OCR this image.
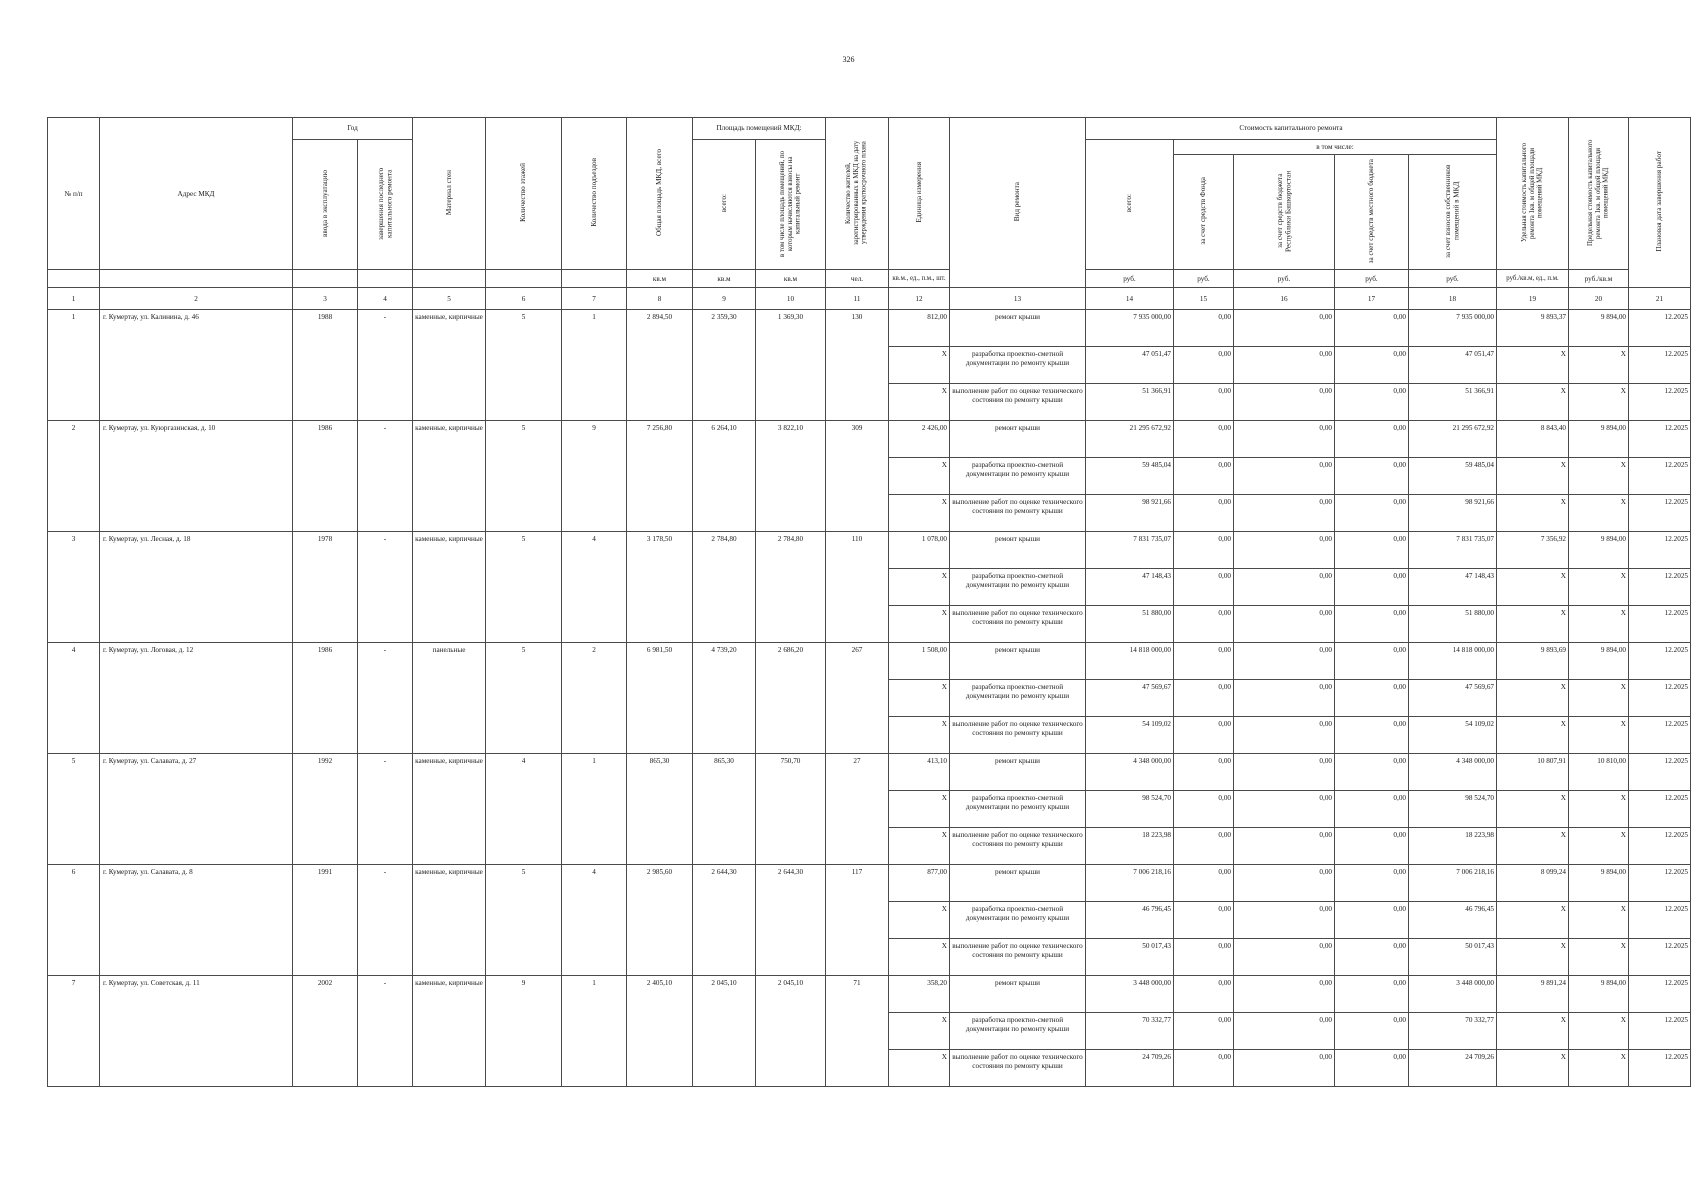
326
№ п/п	Адрес МКД	Год		Материал стен	Количество этажей	Количество подъездов	Общая площадь МКД, всего	Площадь помещений МКД:		Количество жителей, зарегистрированных в МКД на дату утверждения краткосрочного плана	Единица измерения	Вид ремонта	Стоимость капитального ремонта					Удельная стоимость капитального ремонта 1кв. м общей площади помещений МКД	Предельная стоимость капитального ремонта 1кв. м общей площади помещений МКД	Плановая дата завершения работ
		ввода в эксплуатацию	завершения последнего капитального ремонта					всего:	в том числе площадь помещений, по которым начисляются взносы на капитальный ремонт				всего:	в том числе:						
														за счет средств Фонда	за счет средств бюджета Республики Башкортостан	за счет средств местного бюджета	за счет взносов собственников помещений в МКД			
							кв.м	кв.м	кв.м	чел.	кв.м., ед., п.м., шт.		руб.	руб.	руб.	руб.	руб.	руб./кв.м, ед., п.м.	руб./кв.м	
1	2	3	4	5	6	7	8	9	10	11	12	13	14	15	16	17	18	19	20	21
1	г. Кумертау, ул. Калинина, д. 46	1988	-	каменные, кирпичные	5	1	2 894,50	2 359,30	1 369,30	130	812,00	ремонт крыши	7 935 000,00	0,00	0,00	0,00	7 935 000,00	9 893,37	9 894,00	12.2025
											X	разработка проектно-сметной документации по ремонту крыши	47 051,47	0,00	0,00	0,00	47 051,47	X	X	12.2025
											X	выполнение работ по оценке технического состояния по ремонту крыши	51 366,91	0,00	0,00	0,00	51 366,91	X	X	12.2025
2	г. Кумертау, ул. Куюргазинская, д. 10	1986	-	каменные, кирпичные	5	9	7 256,80	6 264,10	3 822,10	309	2 426,00	ремонт крыши	21 295 672,92	0,00	0,00	0,00	21 295 672,92	8 843,40	9 894,00	12.2025
											X	разработка проектно-сметной документации по ремонту крыши	59 485,04	0,00	0,00	0,00	59 485,04	X	X	12.2025
											X	выполнение работ по оценке технического состояния по ремонту крыши	98 921,66	0,00	0,00	0,00	98 921,66	X	X	12.2025
3	г. Кумертау, ул. Лесная, д. 18	1978	-	каменные, кирпичные	5	4	3 178,50	2 784,80	2 784,80	110	1 078,00	ремонт крыши	7 831 735,07	0,00	0,00	0,00	7 831 735,07	7 356,92	9 894,00	12.2025
											X	разработка проектно-сметной документации по ремонту крыши	47 148,43	0,00	0,00	0,00	47 148,43	X	X	12.2025
											X	выполнение работ по оценке технического состояния по ремонту крыши	51 880,00	0,00	0,00	0,00	51 880,00	X	X	12.2025
4	г. Кумертау, ул. Логовая, д. 12	1986	-	панельные	5	2	6 981,50	4 739,20	2 686,20	267	1 508,00	ремонт крыши	14 818 000,00	0,00	0,00	0,00	14 818 000,00	9 893,69	9 894,00	12.2025
											X	разработка проектно-сметной документации по ремонту крыши	47 569,67	0,00	0,00	0,00	47 569,67	X	X	12.2025
											X	выполнение работ по оценке технического состояния по ремонту крыши	54 109,02	0,00	0,00	0,00	54 109,02	X	X	12.2025
5	г. Кумертау, ул. Салавата, д. 27	1992	-	каменные, кирпичные	4	1	865,30	865,30	750,70	27	413,10	ремонт крыши	4 348 000,00	0,00	0,00	0,00	4 348 000,00	10 807,91	10 810,00	12.2025
											X	разработка проектно-сметной документации по ремонту крыши	98 524,70	0,00	0,00	0,00	98 524,70	X	X	12.2025
											X	выполнение работ по оценке технического состояния по ремонту крыши	18 223,98	0,00	0,00	0,00	18 223,98	X	X	12.2025
6	г. Кумертау, ул. Салавата, д. 8	1991	-	каменные, кирпичные	5	4	2 985,60	2 644,30	2 644,30	117	877,00	ремонт крыши	7 006 218,16	0,00	0,00	0,00	7 006 218,16	8 099,24	9 894,00	12.2025
											X	разработка проектно-сметной документации по ремонту крыши	46 796,45	0,00	0,00	0,00	46 796,45	X	X	12.2025
											X	выполнение работ по оценке технического состояния по ремонту крыши	50 017,43	0,00	0,00	0,00	50 017,43	X	X	12.2025
7	г. Кумертау, ул. Советская, д. 11	2002	-	каменные, кирпичные	9	1	2 405,10	2 045,10	2 045,10	71	358,20	ремонт крыши	3 448 000,00	0,00	0,00	0,00	3 448 000,00	9 891,24	9 894,00	12.2025
											X	разработка проектно-сметной документации по ремонту крыши	70 332,77	0,00	0,00	0,00	70 332,77	X	X	12.2025
											X	выполнение работ по оценке технического состояния по ремонту крыши	24 709,26	0,00	0,00	0,00	24 709,26	X	X	12.2025
